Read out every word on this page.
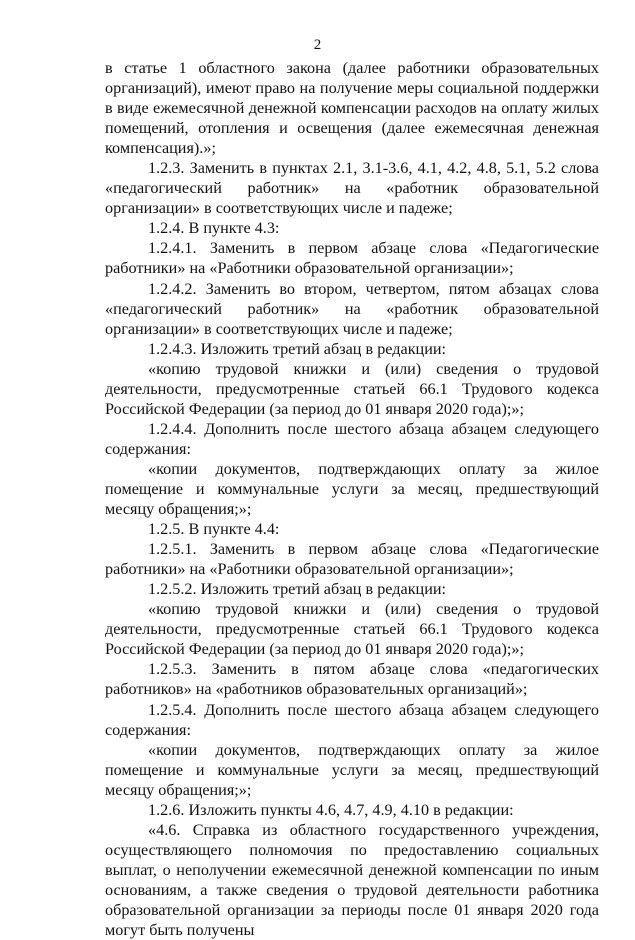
2

в статье 1 областного закона (далее работники образовательных организаций), имеют право на получение меры социальной поддержки в виде ежемесячной денежной компенсации расходов на оплату жилых помещений, отопления и освещения (далее ежемесячная денежная компенсация).»;

1.2.3. Заменить в пунктах 2.1, 3.1-3.6, 4.1, 4.2, 4.8, 5.1, 5.2 слова «педагогический работник» на «работник образовательной организации» в соответствующих числе и падеже;

1.2.4. В пункте 4.3:

1.2.4.1. Заменить в первом абзаце слова «Педагогические работники» на «Работники образовательной организации»;

1.2.4.2. Заменить во втором, четвертом, пятом абзацах слова «педагогический работник» на «работник образовательной организации» в соответствующих числе и падеже;

1.2.4.3. Изложить третий абзац в редакции:

«копию трудовой книжки и (или) сведения о трудовой деятельности, предусмотренные статьей 66.1 Трудового кодекса Российской Федерации (за период до 01 января 2020 года);»;

1.2.4.4. Дополнить после шестого абзаца абзацем следующего содержания:

«копии документов, подтверждающих оплату за жилое помещение и коммунальные услуги за месяц, предшествующий месяцу обращения;»;

1.2.5. В пункте 4.4:

1.2.5.1. Заменить в первом абзаце слова «Педагогические работники» на «Работники образовательной организации»;

1.2.5.2. Изложить третий абзац в редакции:

«копию трудовой книжки и (или) сведения о трудовой деятельности, предусмотренные статьей 66.1 Трудового кодекса Российской Федерации (за период до 01 января 2020 года);»;

1.2.5.3. Заменить в пятом абзаце слова «педагогических работников» на «работников образовательных организаций»;

1.2.5.4. Дополнить после шестого абзаца абзацем следующего содержания:

«копии документов, подтверждающих оплату за жилое помещение и коммунальные услуги за месяц, предшествующий месяцу обращения;»;

1.2.6. Изложить пункты 4.6, 4.7, 4.9, 4.10 в редакции:

«4.6. Справка из областного государственного учреждения, осуществляющего полномочия по предоставлению социальных выплат, о неполучении ежемесячной денежной компенсации по иным основаниям, а также сведения о трудовой деятельности работника образовательной организации за периоды после 01 января 2020 года могут быть получены
